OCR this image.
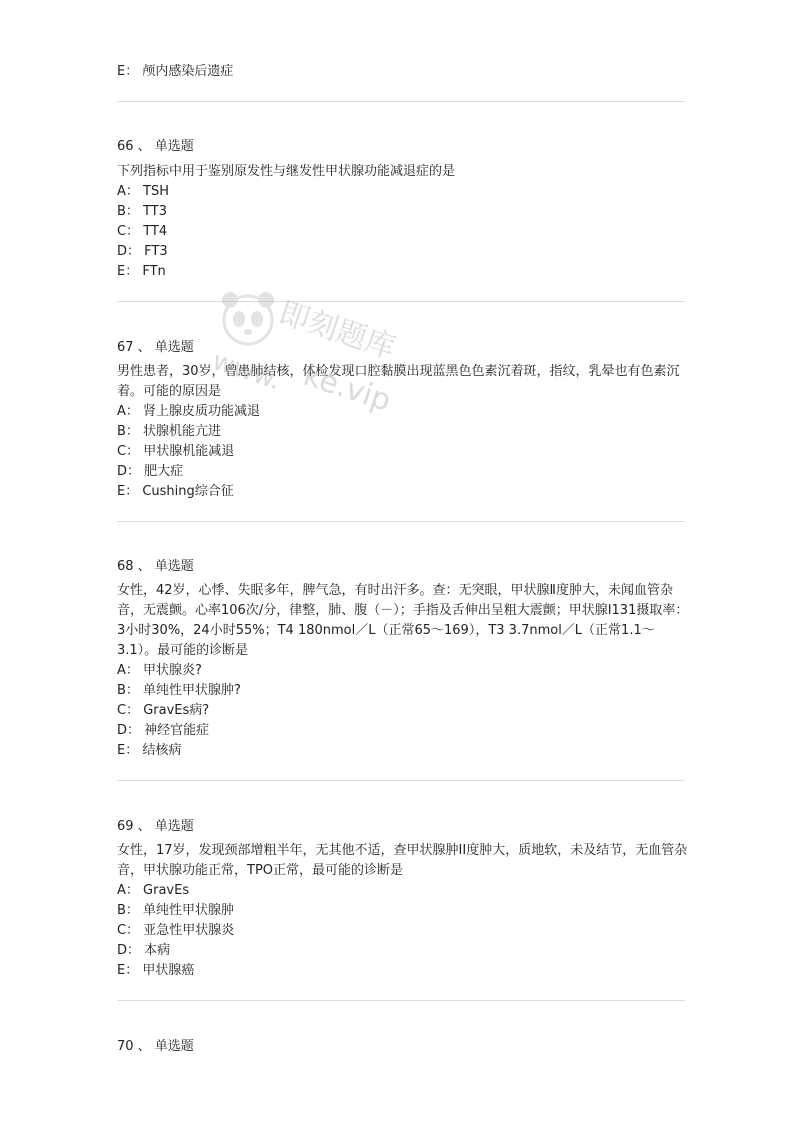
E： 颅内感染后遗症
66 、 单选题
下列指标中用于鉴别原发性与继发性甲状腺功能减退症的是
A： TSH
B： TT3
C： TT4
D： FT3
E： FTn
67 、 单选题
男性患者，30岁，曾患肺结核，体检发现口腔黏膜出现蓝黑色色素沉着斑，指纹，乳晕也有色素沉着。可能的原因是
A： 肾上腺皮质功能减退
B： 状腺机能亢进
C： 甲状腺机能减退
D： 肥大症
E： Cushing综合征
68 、 单选题
女性，42岁，心悸、失眠多年，脾气急，有时出汗多。查：无突眼，甲状腺Ⅱ度肿大，未闻血管杂音，无震颤。心率106次/分，律整，肺、腹（－）；手指及舌伸出呈粗大震颤；甲状腺I131摄取率：3小时30%，24小时55%；T4 180nmol／L（正常65～169），T3 3.7nmol／L（正常1.1～3.1）。最可能的诊断是
A： 甲状腺炎?
B： 单纯性甲状腺肿?
C： GravEs病?
D： 神经官能症
E： 结核病
69 、 单选题
女性，17岁，发现颈部增粗半年，无其他不适，查甲状腺肿II度肿大，质地软，未及结节，无血管杂音，甲状腺功能正常，TPO正常，最可能的诊断是
A： GravEs
B： 单纯性甲状腺肿
C： 亚急性甲状腺炎
D： 本病
E： 甲状腺癌
70 、 单选题
即刻题库
www. ke.vip
